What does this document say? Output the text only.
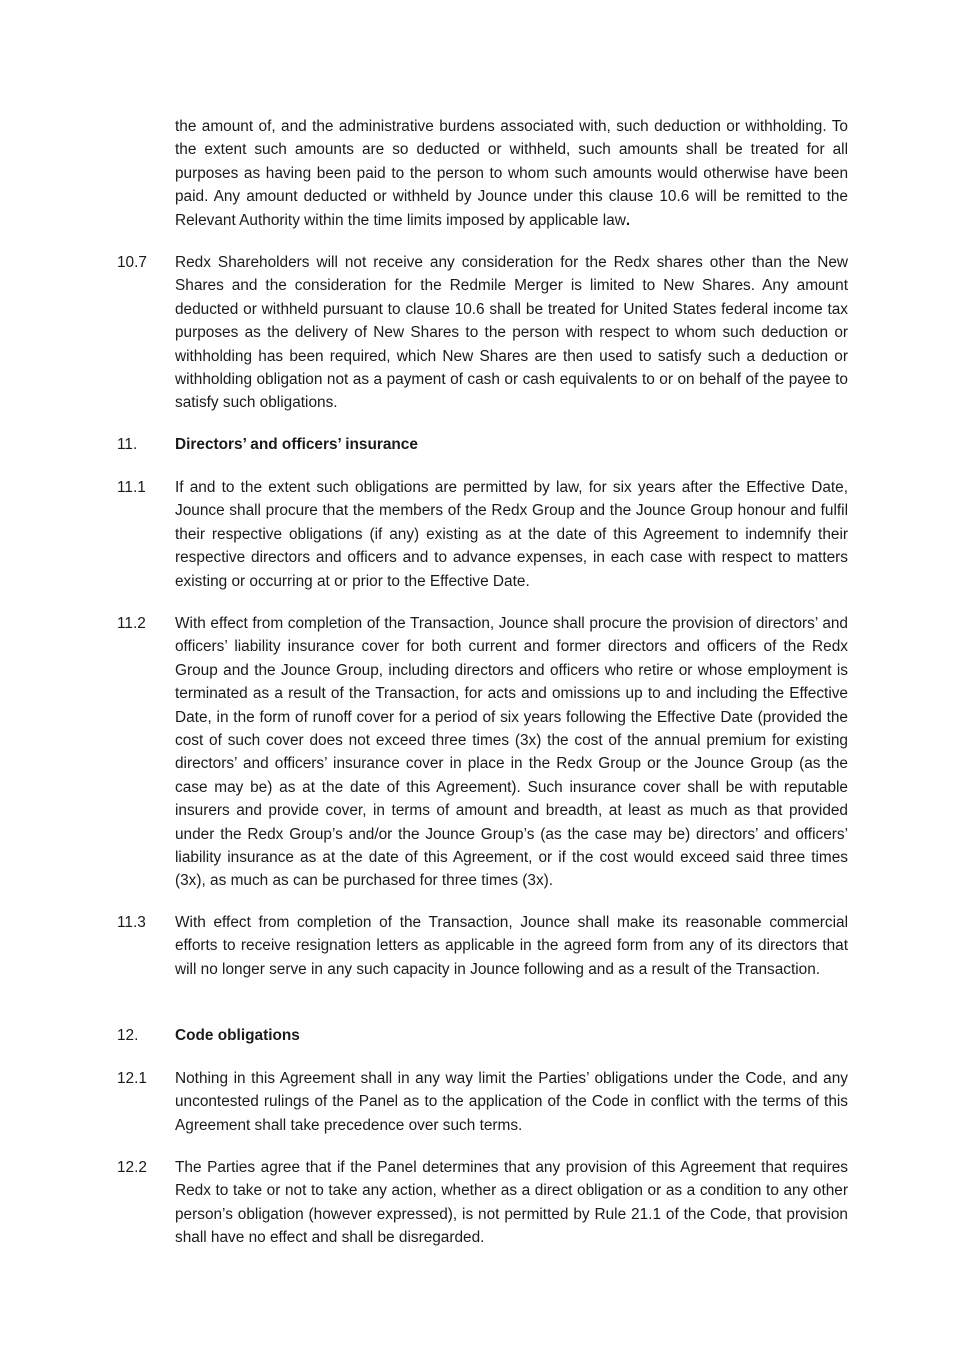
the amount of, and the administrative burdens associated with, such deduction or withholding. To the extent such amounts are so deducted or withheld, such amounts shall be treated for all purposes as having been paid to the person to whom such amounts would otherwise have been paid. Any amount deducted or withheld by Jounce under this clause 10.6 will be remitted to the Relevant Authority within the time limits imposed by applicable law.

10.7 Redx Shareholders will not receive any consideration for the Redx shares other than the New Shares and the consideration for the Redmile Merger is limited to New Shares. Any amount deducted or withheld pursuant to clause 10.6 shall be treated for United States federal income tax purposes as the delivery of New Shares to the person with respect to whom such deduction or withholding has been required, which New Shares are then used to satisfy such a deduction or withholding obligation not as a payment of cash or cash equivalents to or on behalf of the payee to satisfy such obligations.

11. Directors’ and officers’ insurance

11.1 If and to the extent such obligations are permitted by law, for six years after the Effective Date, Jounce shall procure that the members of the Redx Group and the Jounce Group honour and fulfil their respective obligations (if any) existing as at the date of this Agreement to indemnify their respective directors and officers and to advance expenses, in each case with respect to matters existing or occurring at or prior to the Effective Date.

11.2 With effect from completion of the Transaction, Jounce shall procure the provision of directors’ and officers’ liability insurance cover for both current and former directors and officers of the Redx Group and the Jounce Group, including directors and officers who retire or whose employment is terminated as a result of the Transaction, for acts and omissions up to and including the Effective Date, in the form of runoff cover for a period of six years following the Effective Date (provided the cost of such cover does not exceed three times (3x) the cost of the annual premium for existing directors’ and officers’ insurance cover in place in the Redx Group or the Jounce Group (as the case may be) as at the date of this Agreement). Such insurance cover shall be with reputable insurers and provide cover, in terms of amount and breadth, at least as much as that provided under the Redx Group’s and/or the Jounce Group’s (as the case may be) directors’ and officers’ liability insurance as at the date of this Agreement, or if the cost would exceed said three times (3x), as much as can be purchased for three times (3x).

11.3 With effect from completion of the Transaction, Jounce shall make its reasonable commercial efforts to receive resignation letters as applicable in the agreed form from any of its directors that will no longer serve in any such capacity in Jounce following and as a result of the Transaction.

12. Code obligations

12.1 Nothing in this Agreement shall in any way limit the Parties’ obligations under the Code, and any uncontested rulings of the Panel as to the application of the Code in conflict with the terms of this Agreement shall take precedence over such terms.

12.2 The Parties agree that if the Panel determines that any provision of this Agreement that requires Redx to take or not to take any action, whether as a direct obligation or as a condition to any other person’s obligation (however expressed), is not permitted by Rule 21.1 of the Code, that provision shall have no effect and shall be disregarded.
